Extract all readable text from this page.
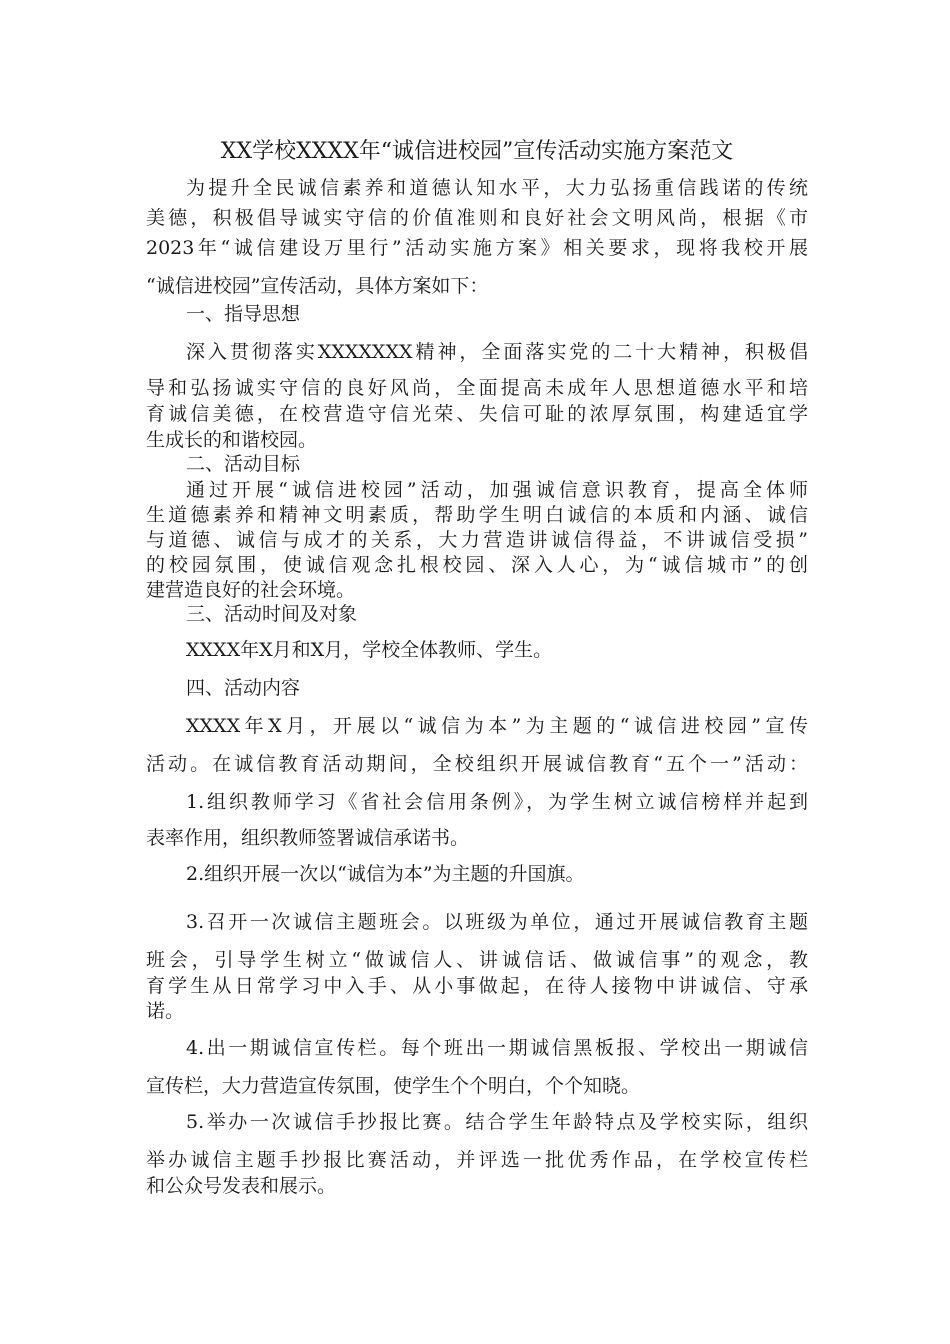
XX学校XXXX年“诚信进校园”宣传活动实施方案范文
为提升全民诚信素养和道德认知水平，大力弘扬重信践诺的传统
美德，积极倡导诚实守信的价值准则和良好社会文明风尚，根据《市
2023年“诚信建设万里行”活动实施方案》相关要求，现将我校开展
“诚信进校园”宣传活动，具体方案如下：
一、指导思想
深入贯彻落实XXXXXXX精神，全面落实党的二十大精神，积极倡
导和弘扬诚实守信的良好风尚，全面提高未成年人思想道德水平和培
育诚信美德，在校营造守信光荣、失信可耻的浓厚氛围，构建适宜学
生成长的和谐校园。
二、活动目标
通过开展“诚信进校园”活动，加强诚信意识教育，提高全体师
生道德素养和精神文明素质，帮助学生明白诚信的本质和内涵、诚信
与道德、诚信与成才的关系，大力营造讲诚信得益，不讲诚信受损”
的校园氛围，使诚信观念扎根校园、深入人心，为“诚信城市”的创
建营造良好的社会环境。
三、活动时间及对象
XXXX年X月和X月，学校全体教师、学生。
四、活动内容
XXXX年X月，开展以“诚信为本”为主题的“诚信进校园”宣传
活动。在诚信教育活动期间，全校组织开展诚信教育“五个一”活动：
1.组织教师学习《省社会信用条例》，为学生树立诚信榜样并起到
表率作用，组织教师签署诚信承诺书。
2.组织开展一次以“诚信为本”为主题的升国旗。
3.召开一次诚信主题班会。以班级为单位，通过开展诚信教育主题
班会，引导学生树立“做诚信人、讲诚信话、做诚信事”的观念，教
育学生从日常学习中入手、从小事做起，在待人接物中讲诚信、守承
诺。
4.出一期诚信宣传栏。每个班出一期诚信黑板报、学校出一期诚信
宣传栏，大力营造宣传氛围，使学生个个明白，个个知晓。
5.举办一次诚信手抄报比赛。结合学生年龄特点及学校实际，组织
举办诚信主题手抄报比赛活动，并评选一批优秀作品，在学校宣传栏
和公众号发表和展示。
